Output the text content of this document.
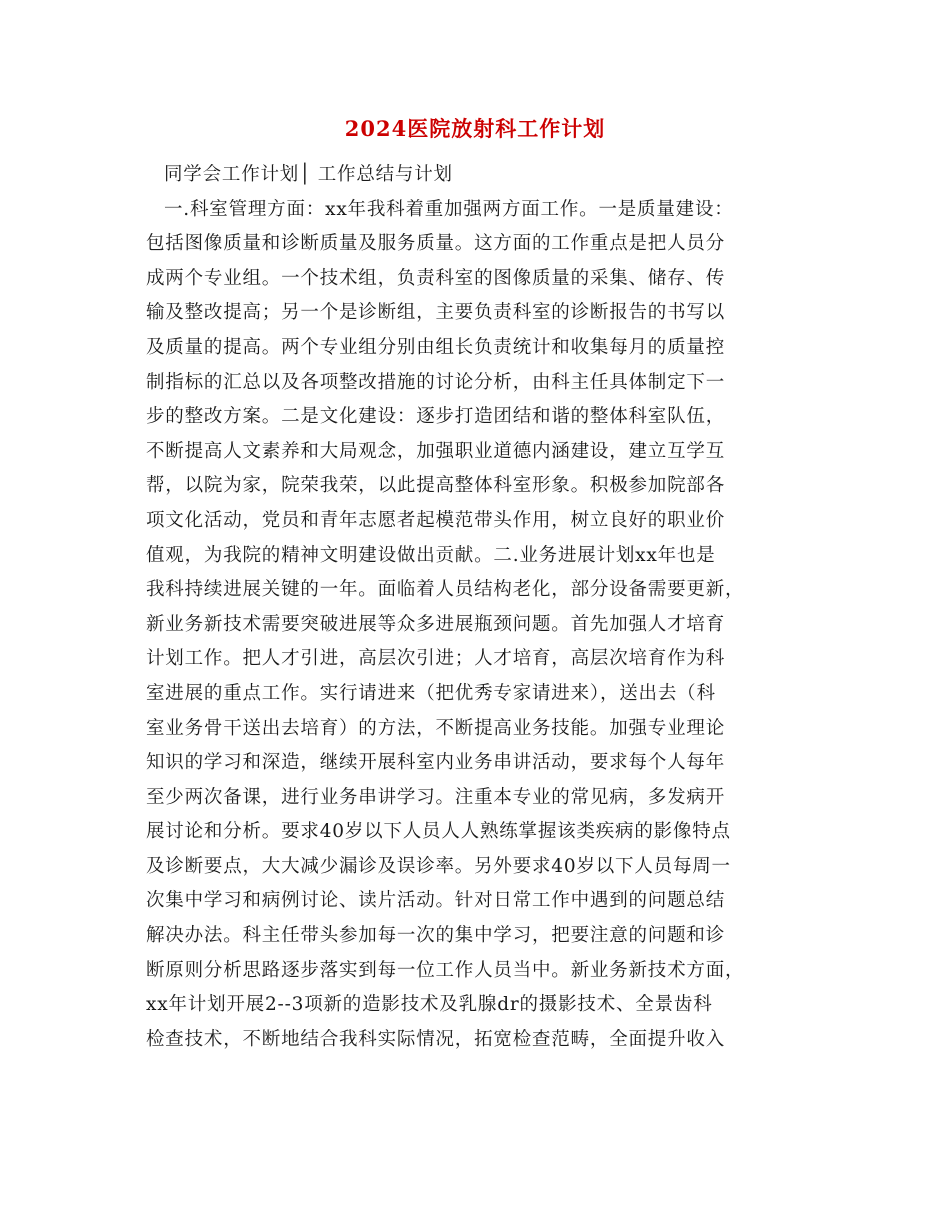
2024医院放射科工作计划
同学会工作计划│ 工作总结与计划
一.科室管理方面：xx年我科着重加强两方面工作。一是质量建设：
包括图像质量和诊断质量及服务质量。这方面的工作重点是把人员分
成两个专业组。一个技术组，负责科室的图像质量的采集、储存、传
输及整改提高；另一个是诊断组，主要负责科室的诊断报告的书写以
及质量的提高。两个专业组分别由组长负责统计和收集每月的质量控
制指标的汇总以及各项整改措施的讨论分析，由科主任具体制定下一
步的整改方案。二是文化建设：逐步打造团结和谐的整体科室队伍，
不断提高人文素养和大局观念，加强职业道德内涵建设，建立互学互
帮，以院为家，院荣我荣，以此提高整体科室形象。积极参加院部各
项文化活动，党员和青年志愿者起模范带头作用，树立良好的职业价
值观，为我院的精神文明建设做出贡献。二.业务进展计划xx年也是
我科持续进展关键的一年。面临着人员结构老化，部分设备需要更新，
新业务新技术需要突破进展等众多进展瓶颈问题。首先加强人才培育
计划工作。把人才引进，高层次引进；人才培育，高层次培育作为科
室进展的重点工作。实行请进来（把优秀专家请进来），送出去（科
室业务骨干送出去培育）的方法，不断提高业务技能。加强专业理论
知识的学习和深造，继续开展科室内业务串讲活动，要求每个人每年
至少两次备课，进行业务串讲学习。注重本专业的常见病，多发病开
展讨论和分析。要求40岁以下人员人人熟练掌握该类疾病的影像特点
及诊断要点，大大减少漏诊及误诊率。另外要求40岁以下人员每周一
次集中学习和病例讨论、读片活动。针对日常工作中遇到的问题总结
解决办法。科主任带头参加每一次的集中学习，把要注意的问题和诊
断原则分析思路逐步落实到每一位工作人员当中。新业务新技术方面，
xx年计划开展2--3项新的造影技术及乳腺dr的摄影技术、全景齿科
检查技术，不断地结合我科实际情况，拓宽检查范畴，全面提升收入
